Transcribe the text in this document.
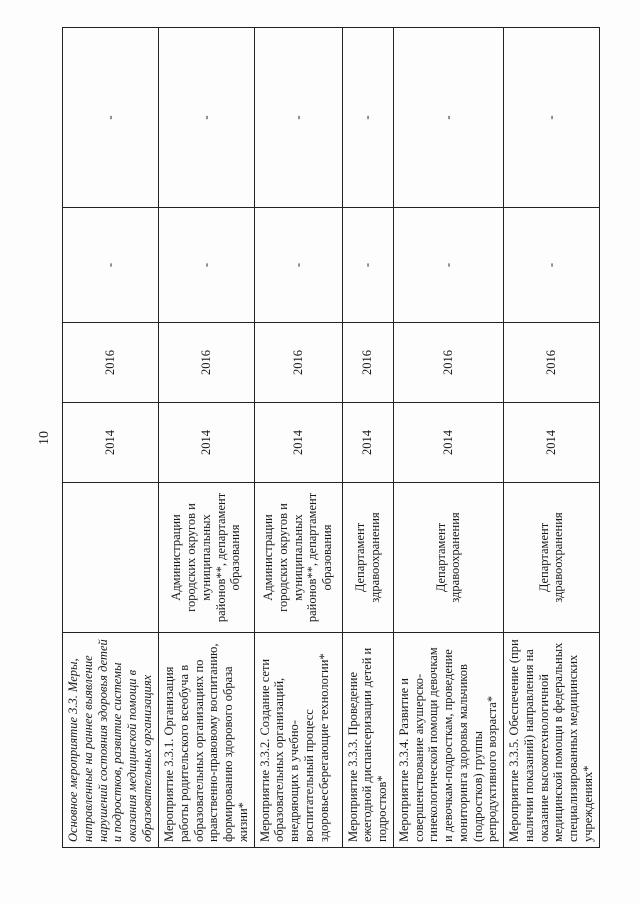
10
Основное мероприятие 3.3. Меры, направленные на раннее выявление нарушений состояния здоровья детей и подростков, развитие системы оказания медицинской помощи в образовательных организациях		2014	2016	-	-
Мероприятие 3.3.1. Организация работы родительского всеобуча в образовательных организациях по нравственно-правовому воспитанию, формированию здорового образа жизни*	Администрации городских округов и муниципальных районов**, департамент образования	2014	2016	-	-
Мероприятие 3.3.2. Создание сети образовательных организаций, внедряющих в учебно-воспитательный процесс здоровьесберегающие технологии*	Администрации городских округов и муниципальных районов**, департамент образования	2014	2016	-	-
Мероприятие 3.3.3. Проведение ежегодной диспансеризации детей и подростков*	Департамент здравоохранения	2014	2016	-	-
Мероприятие 3.3.4. Развитие и совершенствование акушерско-гинекологической помощи девочкам и девочкам-подросткам, проведение мониторинга здоровья мальчиков (подростков) группы репродуктивного возраста*	Департамент здравоохранения	2014	2016	-	-
Мероприятие 3.3.5. Обеспечение (при наличии показаний) направления на оказание высокотехнологичной медицинской помощи в федеральных специализированных медицинских учреждениях*	Департамент здравоохранения	2014	2016	-	-
